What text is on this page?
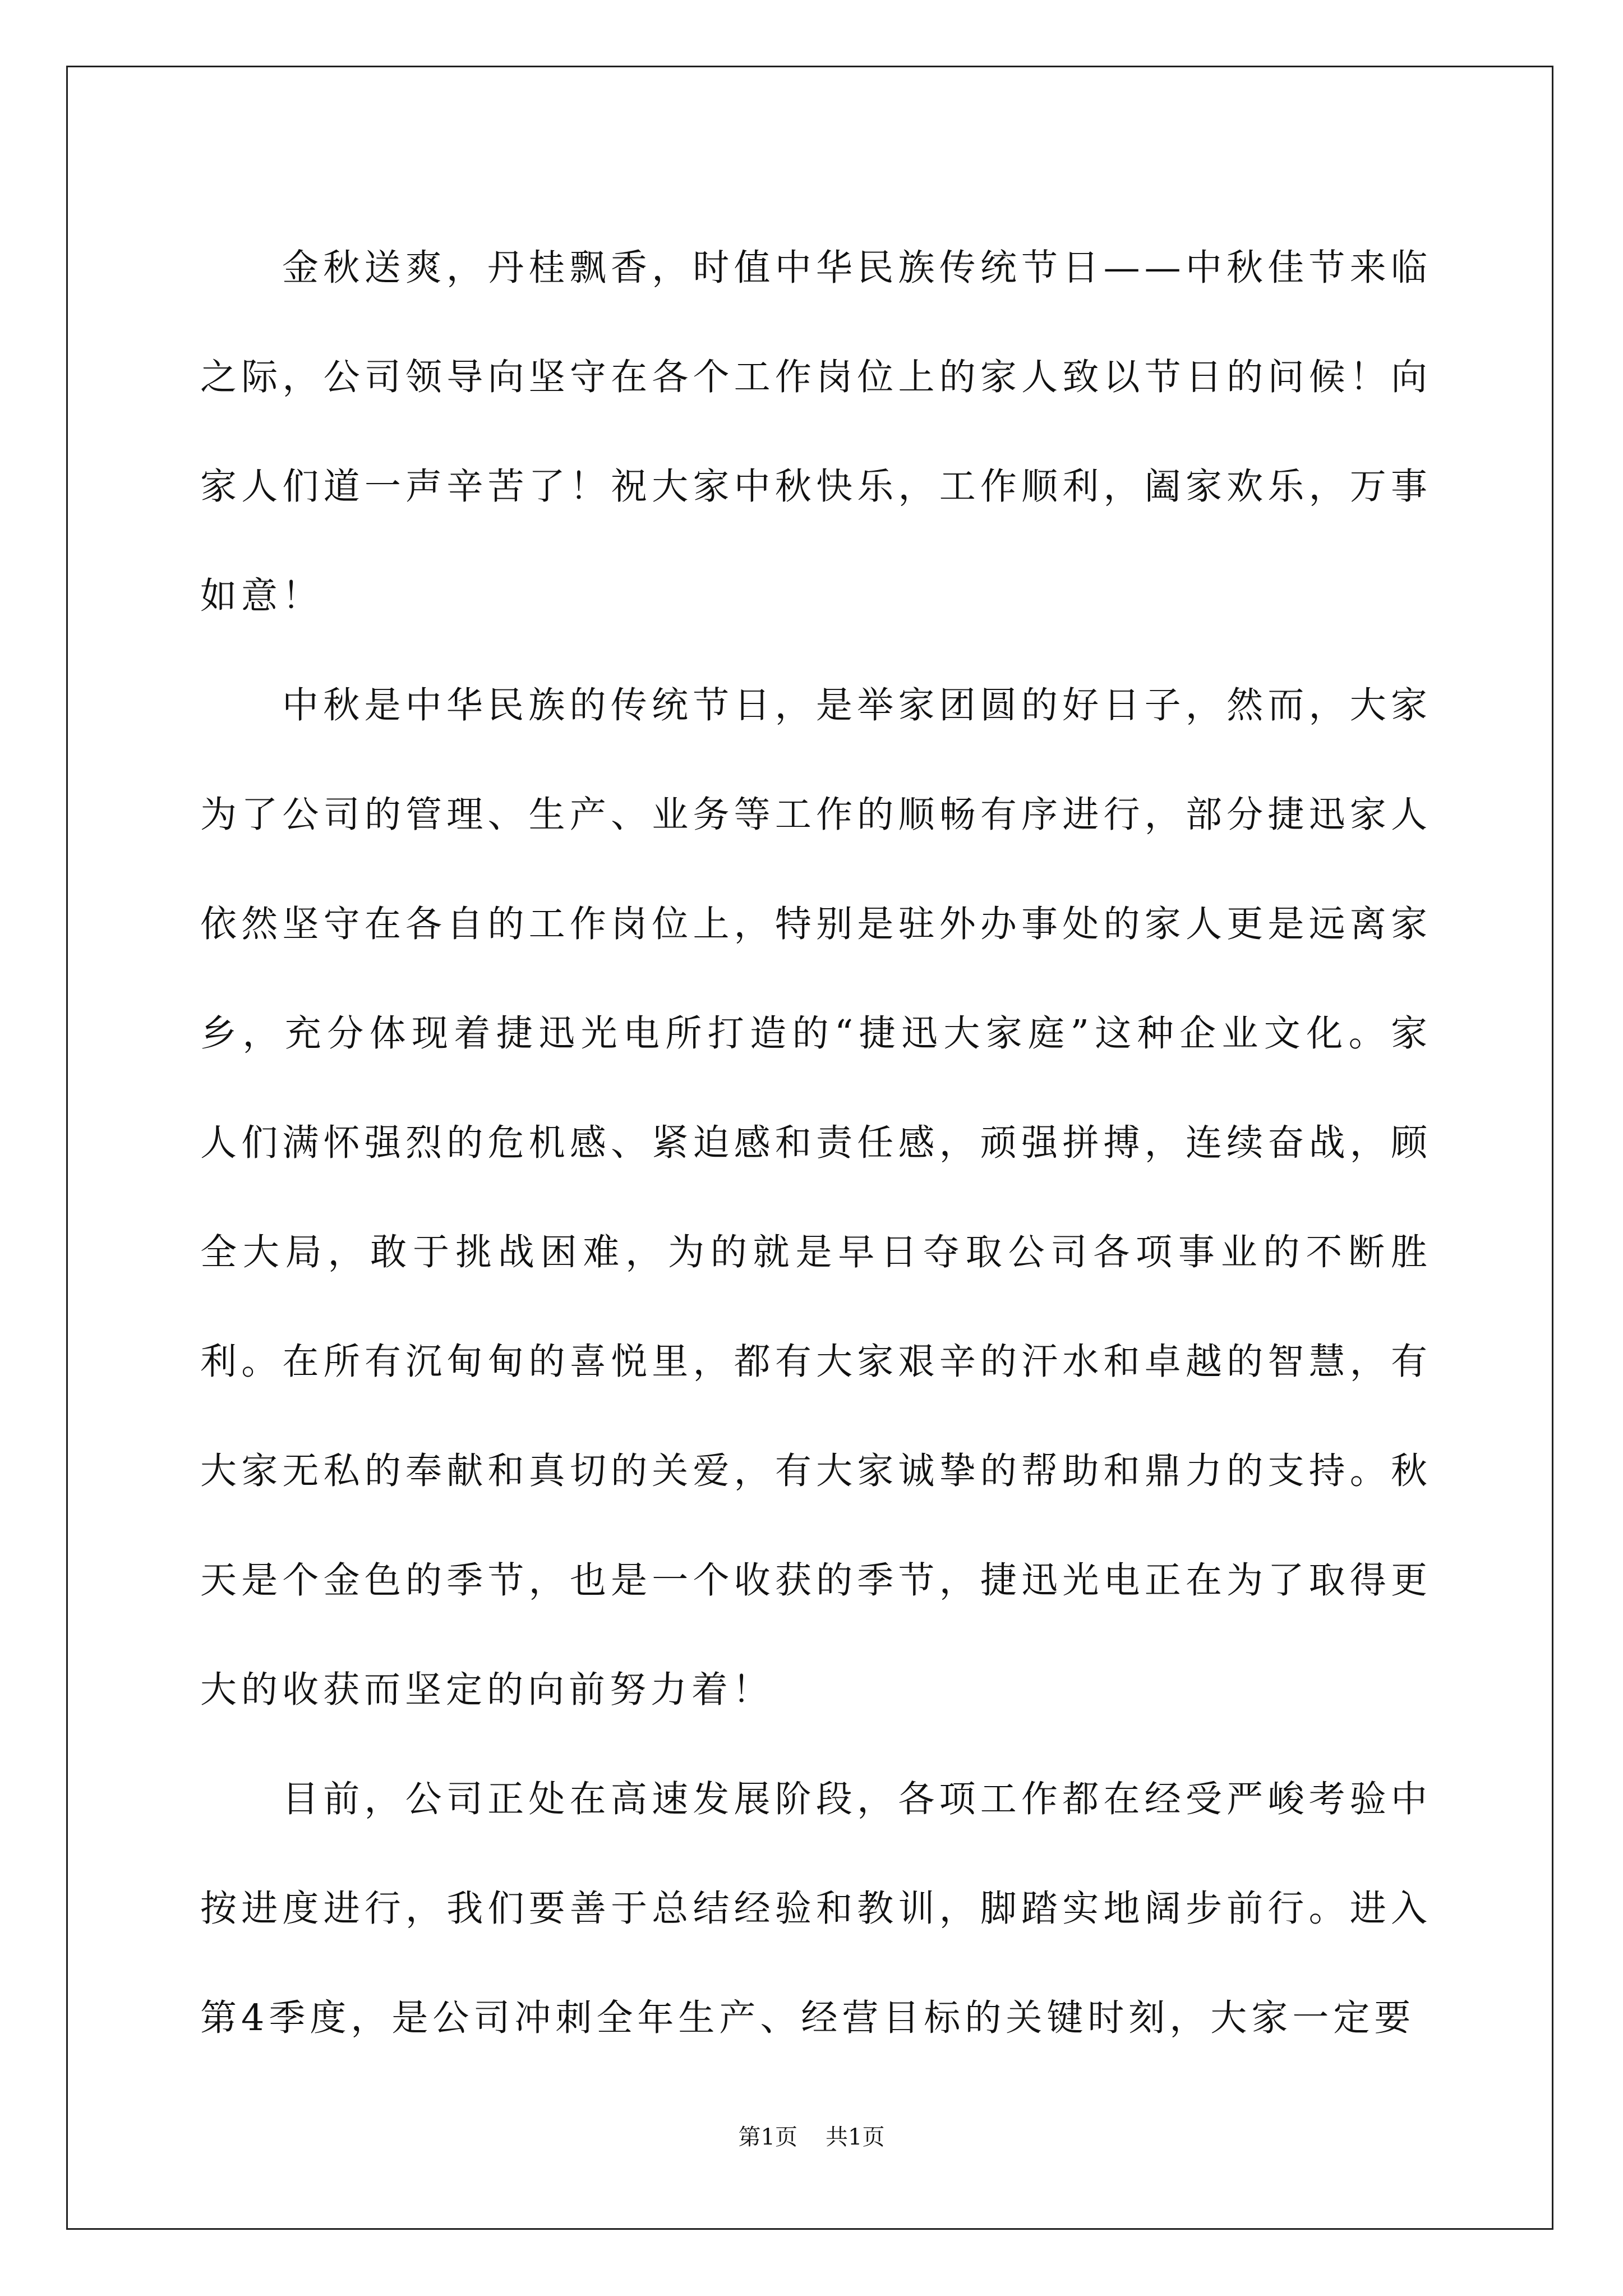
金秋送爽，丹桂飘香，时值中华民族传统节日——中秋佳节来临之际，公司领导向坚守在各个工作岗位上的家人致以节日的问候！向家人们道一声辛苦了！祝大家中秋快乐，工作顺利，阖家欢乐，万事如意！

中秋是中华民族的传统节日，是举家团圆的好日子，然而，大家为了公司的管理、生产、业务等工作的顺畅有序进行，部分捷迅家人依然坚守在各自的工作岗位上，特别是驻外办事处的家人更是远离家乡，充分体现着捷迅光电所打造的“捷迅大家庭”这种企业文化。家人们满怀强烈的危机感、紧迫感和责任感，顽强拼搏，连续奋战，顾全大局，敢于挑战困难，为的就是早日夺取公司各项事业的不断胜利。在所有沉甸甸的喜悦里，都有大家艰辛的汗水和卓越的智慧，有大家无私的奉献和真切的关爱，有大家诚挚的帮助和鼎力的支持。秋天是个金色的季节，也是一个收获的季节，捷迅光电正在为了取得更大的收获而坚定的向前努力着！

目前，公司正处在高速发展阶段，各项工作都在经受严峻考验中按进度进行，我们要善于总结经验和教训，脚踏实地阔步前行。进入第4季度，是公司冲刺全年生产、经营目标的关键时刻，大家一定要

第1页 共1页
